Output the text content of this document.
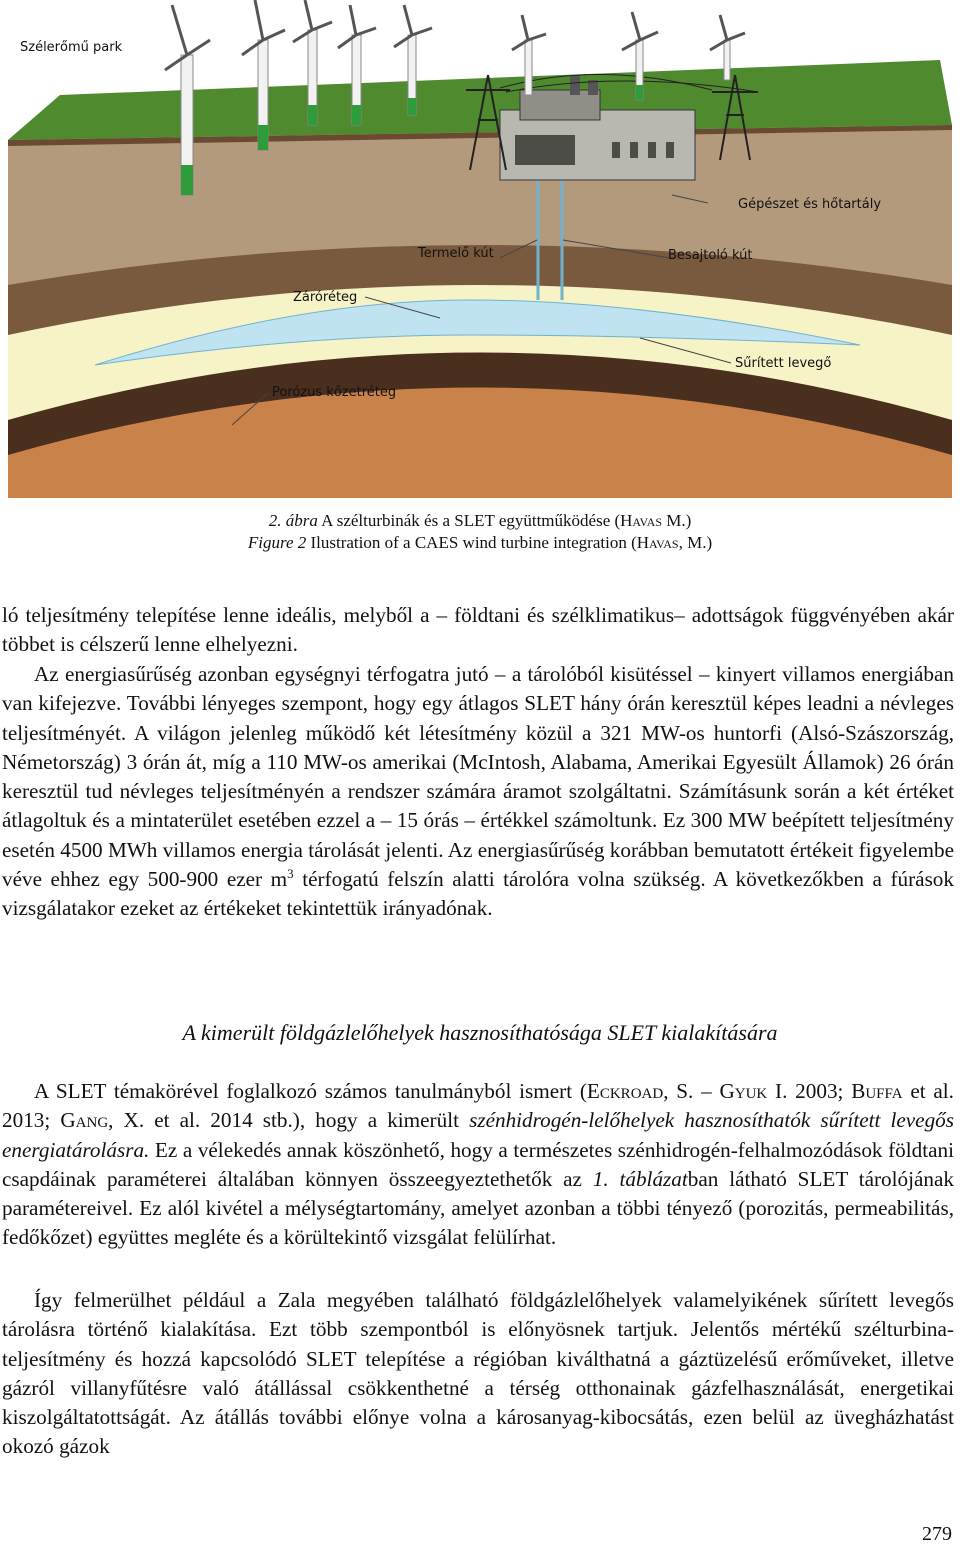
Szélerőmű park
Gépészet és hőtartály
Termelő kút	Besajtoló kút
Záróréteg
Sűrített levegő
Porózus kőzetréteg
2. ábra A szélturbinák és a SLET együttműködése (Havas M.)
Figure 2 Ilustration of a CAES wind turbine integration (Havas, M.)

ló teljesítmény telepítése lenne ideális, melyből a – földtani és szélklimatikus– adottságok függvényében akár többet is célszerű lenne elhelyezni.

Az energiasűrűség azonban egységnyi térfogatra jutó – a tárolóból kisütéssel – kinyert villamos energiában van kifejezve. További lényeges szempont, hogy egy átlagos SLET hány órán keresztül képes leadni a névleges teljesítményét. A világon jelenleg működő két létesítmény közül a 321 MW-os huntorfi (Alsó-Szászország, Németország) 3 órán át, míg a 110 MW-os amerikai (McIntosh, Alabama, Amerikai Egyesült Államok) 26 órán keresztül tud névleges teljesítményén a rendszer számára áramot szolgáltatni. Számításunk során a két értéket átlagoltuk és a mintaterület esetében ezzel a – 15 órás – értékkel számoltunk. Ez 300 MW beépített teljesítmény esetén 4500 MWh villamos energia tárolását jelenti. Az energiasűrűség korábban bemutatott értékeit figyelembe véve ehhez egy 500-900 ezer $m^3$ térfogatú felszín alatti tárolóra volna szükség. A következőkben a fúrások vizsgálatakor ezeket az értékeket tekintettük irányadónak.

A kimerült földgázlelőhelyek hasznosíthatósága SLET kialakítására

A SLET témakörével foglalkozó számos tanulmányból ismert (Eckroad, S. – Gyuk I. 2003; Buffa et al. 2013; Gang, X. et al. 2014 stb.), hogy a kimerült szénhidrogén-lelőhelyek hasznosíthatók sűrített levegős energiatárolásra. Ez a vélekedés annak köszönhető, hogy a természetes szénhidrogén-felhalmozódások földtani csapdáinak paraméterei általában könnyen összeegyeztethetők az 1. táblázatban látható SLET tárolójának paramétereivel. Ez alól kivétel a mélységtartomány, amelyet azonban a többi tényező (porozitás, permeabilitás, fedőkőzet) együttes megléte és a körültekintő vizsgálat felülírhat.

Így felmerülhet például a Zala megyében található földgázlelőhelyek valamelyikének sűrített levegős tárolásra történő kialakítása. Ezt több szempontból is előnyösnek tartjuk. Jelentős mértékű szélturbina-teljesítmény és hozzá kapcsolódó SLET telepítése a régióban kiválthatná a gáztüzelésű erőműveket, illetve gázról villanyfűtésre való átállással csökkenthetné a térség otthonainak gázfelhasználását, energetikai kiszolgáltatottságát. Az átállás további előnye volna a károsanyag-kibocsátás, ezen belül az üvegházhatást okozó gázok

279
